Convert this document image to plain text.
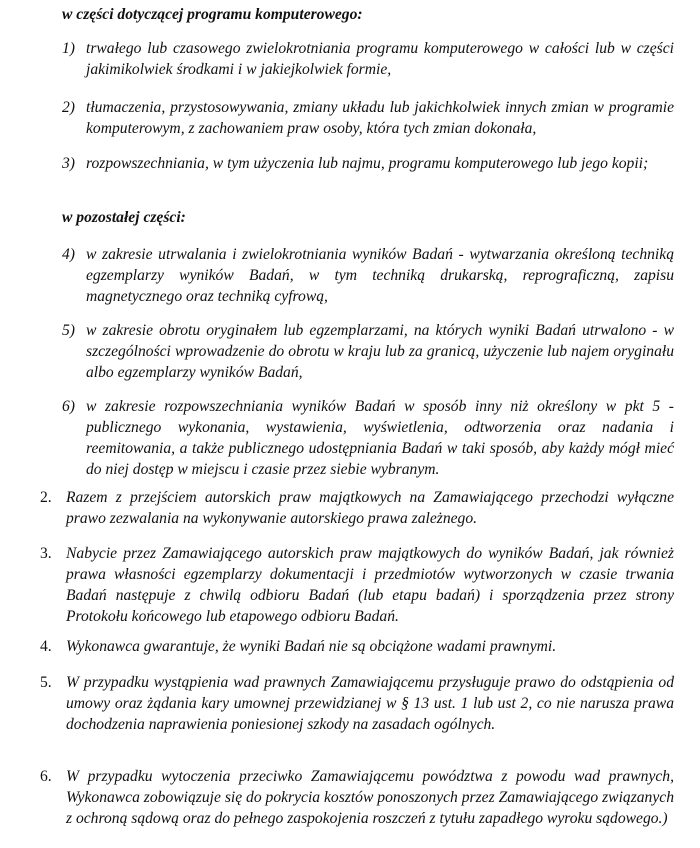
w części dotyczącej programu komputerowego:
1) trwałego lub czasowego zwielokrotniania programu komputerowego w całości lub w części jakimikolwiek środkami i w jakiejkolwiek formie,
2) tłumaczenia, przystosowywania, zmiany układu lub jakichkolwiek innych zmian w programie komputerowym, z zachowaniem praw osoby, która tych zmian dokonała,
3) rozpowszechniania, w tym użyczenia lub najmu, programu komputerowego lub jego kopii;
w pozostałej części:
4) w zakresie utrwalania i zwielokrotniania wyników Badań - wytwarzania określoną techniką egzemplarzy wyników Badań, w tym techniką drukarską, reprograficzną, zapisu magnetycznego oraz techniką cyfrową,
5) w zakresie obrotu oryginałem lub egzemplarzami, na których wyniki Badań utrwalono - w szczególności wprowadzenie do obrotu w kraju lub za granicą, użyczenie lub najem oryginału albo egzemplarzy wyników Badań,
6) w zakresie rozpowszechniania wyników Badań w sposób inny niż określony w pkt 5 - publicznego wykonania, wystawienia, wyświetlenia, odtworzenia oraz nadania i reemitowania, a także publicznego udostępniania Badań w taki sposób, aby każdy mógł mieć do niej dostęp w miejscu i czasie przez siebie wybranym.
2. Razem z przejściem autorskich praw majątkowych na Zamawiającego przechodzi wyłączne prawo zezwalania na wykonywanie autorskiego prawa zależnego.
3. Nabycie przez Zamawiającego autorskich praw majątkowych do wyników Badań, jak również prawa własności egzemplarzy dokumentacji i przedmiotów wytworzonych w czasie trwania Badań następuje z chwilą odbioru Badań (lub etapu badań) i sporządzenia przez strony Protokołu końcowego lub etapowego odbioru Badań.
4. Wykonawca gwarantuje, że wyniki Badań nie są obciążone wadami prawnymi.
5. W przypadku wystąpienia wad prawnych Zamawiającemu przysługuje prawo do odstąpienia od umowy oraz żądania kary umownej przewidzianej w § 13 ust. 1 lub ust 2, co nie narusza prawa dochodzenia naprawienia poniesionej szkody na zasadach ogólnych.
6. W przypadku wytoczenia przeciwko Zamawiającemu powództwa z powodu wad prawnych, Wykonawca zobowiązuje się do pokrycia kosztów ponoszonych przez Zamawiającego związanych z ochroną sądową oraz do pełnego zaspokojenia roszczeń z tytułu zapadłego wyroku sądowego.)
